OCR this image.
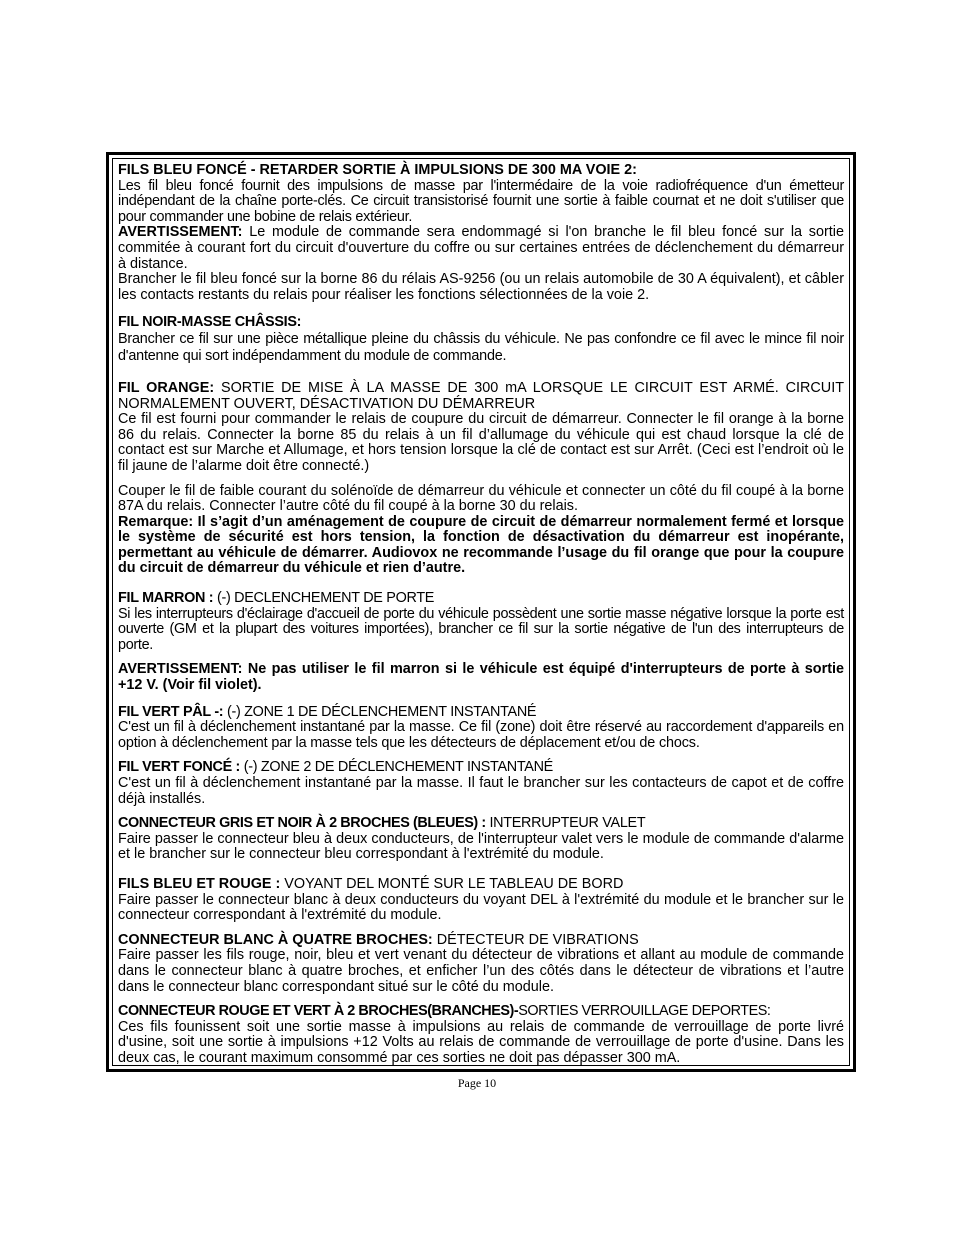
FILS BLEU FONCÉ - RETARDER SORTIE À IMPULSIONS DE 300 MA VOIE 2:

Les fil bleu foncé fournit des impulsions de masse par l'intermédaire de la voie radiofréquence d'un émetteur indépendant de la chaîne porte-clés. Ce circuit transistorisé fournit une sortie à faible cournat et ne doit s'utiliser que pour commander une bobine de relais extérieur.

AVERTISSEMENT: Le module de commande sera endommagé si l'on branche le fil bleu foncé sur la sortie commitée à courant fort du circuit d'ouverture du coffre ou sur certaines entrées de déclenchement du démarreur à distance.

Brancher le fil bleu foncé sur la borne 86 du rélais AS-9256 (ou un relais automobile de 30 A équivalent), et câbler les contacts restants du relais pour réaliser les fonctions sélectionnées de la voie 2.

FIL NOIR-MASSE CHÂSSIS:

Brancher ce fil sur une pièce métallique pleine du châssis du véhicule. Ne pas confondre ce fil avec le mince fil noir d'antenne qui sort indépendamment du module de commande.

FIL ORANGE: SORTIE DE MISE À LA MASSE DE 300 mA LORSQUE LE CIRCUIT EST ARMÉ. CIRCUIT NORMALEMENT OUVERT, DÉSACTIVATION DU DÉMARREUR

Ce fil est fourni pour commander le relais de coupure du circuit de démarreur. Connecter le fil orange à la borne 86 du relais. Connecter la borne 85 du relais à un fil d’allumage du véhicule qui est chaud lorsque la clé de contact est sur Marche et Allumage, et hors tension lorsque la clé de contact est sur Arrêt. (Ceci est l’endroit où le fil jaune de l’alarme doit être connecté.)

Couper le fil de faible courant du solénoïde de démarreur du véhicule et connecter un côté du fil coupé à la borne 87A du relais. Connecter l’autre côté du fil coupé à la borne 30 du relais.

Remarque: Il s’agit d’un aménagement de coupure de circuit de démarreur normalement fermé et lorsque le système de sécurité est hors tension, la fonction de désactivation du démarreur est inopérante, permettant au véhicule de démarrer. Audiovox ne recommande l’usage du fil orange que pour la coupure du circuit de démarreur du véhicule et rien d’autre.

FIL MARRON : (-) DECLENCHEMENT DE PORTE

Si les interrupteurs d'éclairage d'accueil de porte du véhicule possèdent une sortie masse négative lorsque la porte est ouverte (GM et la plupart des voitures importées), brancher ce fil sur la sortie négative de l'un des interrupteurs de porte.

AVERTISSEMENT: Ne pas utiliser le fil marron si le véhicule est équipé d'interrupteurs de porte à sortie +12 V. (Voir fil violet).

FIL VERT PÂL -: (-) ZONE 1 DE DÉCLENCHEMENT INSTANTANÉ

C'est un fil à déclenchement instantané par la masse. Ce fil (zone) doit être réservé au raccordement d'appareils en option à déclenchement par la masse tels que les détecteurs de déplacement et/ou de chocs.

FIL VERT FONCÉ : (-) ZONE 2 DE DÉCLENCHEMENT INSTANTANÉ

C'est un fil à déclenchement instantané par la masse. Il faut le brancher sur les contacteurs de capot et de coffre déjà installés.

CONNECTEUR GRIS ET NOIR À 2 BROCHES (BLEUES) : INTERRUPTEUR VALET

Faire passer le connecteur bleu à deux conducteurs, de l'interrupteur valet vers le module de commande d'alarme et le brancher sur le connecteur bleu correspondant à l'extrémité du module.

FILS BLEU ET ROUGE : VOYANT DEL MONTÉ SUR LE TABLEAU DE BORD

Faire passer le connecteur blanc à deux conducteurs du voyant DEL à l'extrémité du module et le brancher sur le connecteur correspondant à l'extrémité du module.

CONNECTEUR BLANC À QUATRE BROCHES: DÉTECTEUR DE VIBRATIONS

Faire passer les fils rouge, noir, bleu et vert venant du détecteur de vibrations et allant au module de commande dans le connecteur blanc à quatre broches, et enficher l’un des côtés dans le détecteur de vibrations et l’autre dans le connecteur blanc correspondant situé sur le côté du module.

CONNECTEUR ROUGE ET VERT À 2 BROCHES(BRANCHES)-SORTIES VERROUILLAGE DEPORTES:

Ces fils founissent soit une sortie masse à impulsions au relais de commande de verrouillage de porte livré d'usine, soit une sortie à impulsions +12 Volts au relais de commande de verrouillage de porte d'usine. Dans les deux cas, le courant maximum consommé par ces sorties ne doit pas dépasser 300 mA.

Page 10
